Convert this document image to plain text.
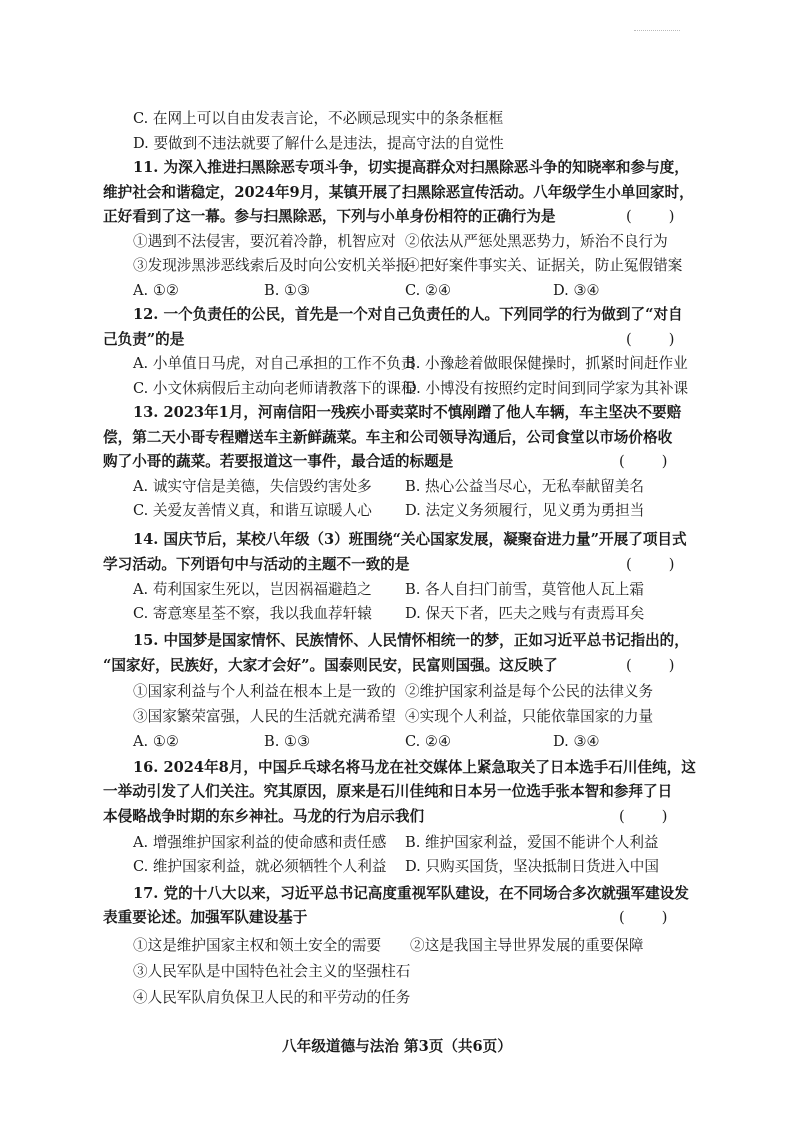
C. 在网上可以自由发表言论，不必顾忌现实中的条条框框
D. 要做到不违法就要了解什么是违法，提高守法的自觉性
11. 为深入推进扫黑除恶专项斗争，切实提高群众对扫黑除恶斗争的知晓率和参与度，
维护社会和谐稳定，2024年9月，某镇开展了扫黑除恶宣传活动。八年级学生小单回家时，
正好看到了这一幕。参与扫黑除恶，下列与小单身份相符的正确行为是	(        )
①遇到不法侵害，要沉着冷静，机智应对 ②依法从严惩处黑恶势力，矫治不良行为
③发现涉黑涉恶线索后及时向公安机关举报
④把好案件事实关、证据关，防止冤假错案
A. ①②	B. ①③	C. ②④	D. ③④
12. 一个负责任的公民，首先是一个对自己负责任的人。下列同学的行为做到了“对自
己负责”的是	(        )
A. 小单值日马虎，对自己承担的工作不负责
B. 小豫趁着做眼保健操时，抓紧时间赶作业
C. 小文休病假后主动向老师请教落下的课程
D. 小博没有按照约定时间到同学家为其补课
13. 2023年1月，河南信阳一残疾小哥卖菜时不慎剐蹭了他人车辆，车主坚决不要赔
偿，第二天小哥专程赠送车主新鲜蔬菜。车主和公司领导沟通后，公司食堂以市场价格收
购了小哥的蔬菜。若要报道这一事件，最合适的标题是	(        )
A. 诚实守信是美德，失信毁约害处多 B. 热心公益当尽心，无私奉献留美名
C. 关爱友善情义真，和谐互谅暖人心 D. 法定义务须履行，见义勇为勇担当
14. 国庆节后，某校八年级（3）班围绕“关心国家发展，凝聚奋进力量”开展了项目式
学习活动。下列语句中与活动的主题不一致的是	(        )
A. 苟利国家生死以，岂因祸福避趋之 B. 各人自扫门前雪，莫管他人瓦上霜
C. 寄意寒星荃不察，我以我血荐轩辕 D. 保天下者，匹夫之贱与有责焉耳矣
15. 中国梦是国家情怀、民族情怀、人民情怀相统一的梦，正如习近平总书记指出的，
“国家好，民族好，大家才会好”。国泰则民安，民富则国强。这反映了	(        )
①国家利益与个人利益在根本上是一致的 ②维护国家利益是每个公民的法律义务
③国家繁荣富强，人民的生活就充满希望 ④实现个人利益，只能依靠国家的力量
A. ①②	B. ①③	C. ②④	D. ③④
16. 2024年8月，中国乒乓球名将马龙在社交媒体上紧急取关了日本选手石川佳纯，这
一举动引发了人们关注。究其原因，原来是石川佳纯和日本另一位选手张本智和参拜了日
本侵略战争时期的东乡神社。马龙的行为启示我们	(        )
A. 增强维护国家利益的使命感和责任感 B. 维护国家利益，爱国不能讲个人利益
C. 维护国家利益，就必须牺牲个人利益 D. 只购买国货，坚决抵制日货进入中国
17. 党的十八大以来，习近平总书记高度重视军队建设，在不同场合多次就强军建设发
表重要论述。加强军队建设基于	(        )
①这是维护国家主权和领土安全的需要 ②这是我国主导世界发展的重要保障
③人民军队是中国特色社会主义的坚强柱石
④人民军队肩负保卫人民的和平劳动的任务
八年级道德与法治 第3页（共6页）
